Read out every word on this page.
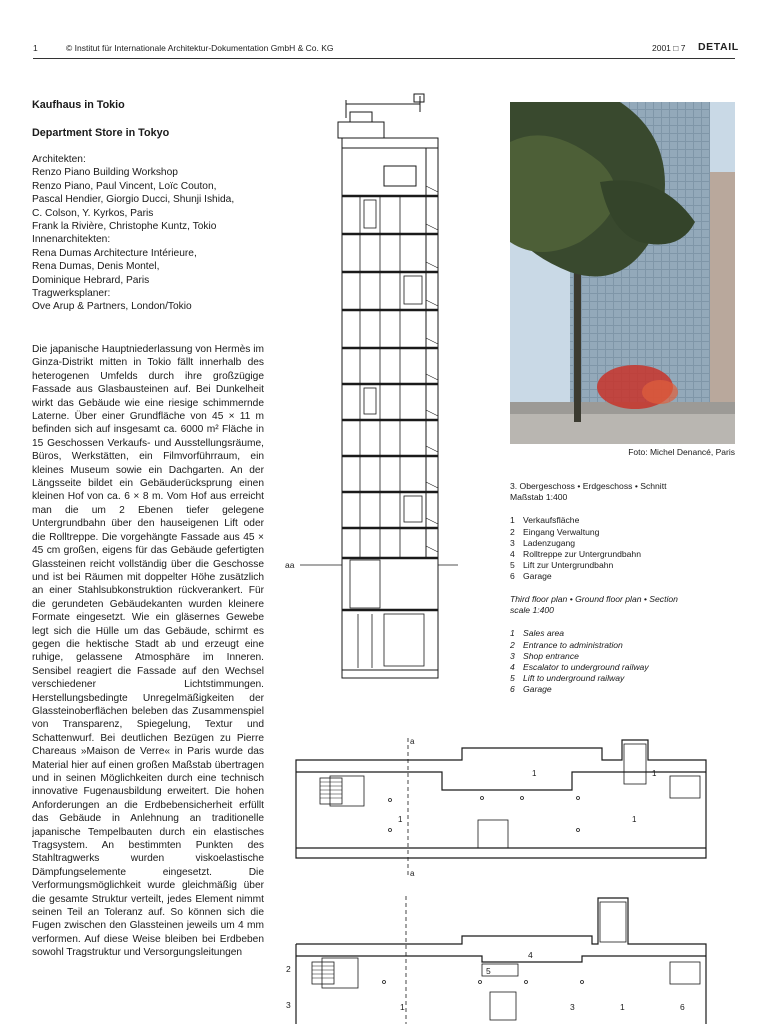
1	© Institut für Internationale Architektur-Dokumentation GmbH & Co. KG	2001 □ 7 DETAIL
Kaufhaus in Tokio
Department Store in Tokyo
Architekten:
Renzo Piano Building Workshop
Renzo Piano, Paul Vincent, Loïc Couton,
Pascal Hendier, Giorgio Ducci, Shunji Ishida,
C. Colson, Y. Kyrkos, Paris
Frank la Rivière, Christophe Kuntz, Tokio
Innenarchitekten:
Rena Dumas Architecture Intérieure,
Rena Dumas, Denis Montel,
Dominique Hebrard, Paris
Tragwerksplaner:
Ove Arup & Partners, London/Tokio
Die japanische Hauptniederlassung von Hermès im Ginza-Distrikt mitten in Tokio fällt innerhalb des heterogenen Umfelds durch ihre großzügige Fassade aus Glasbausteinen auf. Bei Dunkelheit wirkt das Gebäude wie eine riesige schimmernde Laterne. Über einer Grundfläche von 45 × 11 m befinden sich auf insgesamt ca. 6000 m² Fläche in 15 Geschossen Verkaufs- und Ausstellungsräume, Büros, Werkstätten, ein Filmvorführraum, ein kleines Museum sowie ein Dachgarten. An der Längsseite bildet ein Gebäuderücksprung einen kleinen Hof von ca. 6 × 8 m. Vom Hof aus erreicht man die um 2 Ebenen tiefer gelegene Untergrundbahn über den hauseigenen Lift oder die Rolltreppe. Die vorgehängte Fassade aus 45 × 45 cm großen, eigens für das Gebäude gefertigten Glassteinen reicht vollständig über die Geschosse und ist bei Räumen mit doppelter Höhe zusätzlich an einer Stahlsubkonstruktion rückverankert. Für die gerundeten Gebäudekanten wurden kleinere Formate eingesetzt. Wie ein gläsernes Gewebe legt sich die Hülle um das Gebäude, schirmt es gegen die hektische Stadt ab und erzeugt eine ruhige, gelassene Atmosphäre im Inneren. Sensibel reagiert die Fassade auf den Wechsel verschiedener Lichtstimmungen. Herstellungsbedingte Unregelmäßigkeiten der Glassteinoberflächen beleben das Zusammenspiel von Transparenz, Spiegelung, Textur und Schattenwurf. Bei deutlichen Bezügen zu Pierre Chareaus »Maison de Verre« in Paris wurde das Material hier auf einen großen Maßstab übertragen und in seinen Möglichkeiten durch eine technisch innovative Fugenausbildung erweitert. Die hohen Anforderungen an die Erdbebensicherheit erfüllt das Gebäude in Anlehnung an traditionelle japanische Tempelbauten durch ein elastisches Tragsystem. An bestimmten Punkten des Stahltragwerks wurden viskoelastische Dämpfungselemente eingesetzt. Die Verformungsmöglichkeit wurde gleichmäßig über die gesamte Struktur verteilt, jedes Element nimmt seinen Teil an Toleranz auf. So können sich die Fugen zwischen den Glassteinen jeweils um 4 mm verformen. Auf diese Weise bleiben bei Erdbeben sowohl Tragstruktur und Versorgungsleitungen
aa
Foto: Michel Denancé, Paris
3. Obergeschoss • Erdgeschoss • Schnitt
Maßstab 1:400
1 Verkaufsfläche
2 Eingang Verwaltung
3 Ladenzugang
4 Rolltreppe zur Untergrundbahn
5 Lift zur Untergrundbahn
6 Garage
Third floor plan • Ground floor plan • Section
scale 1:400
1 Sales area
2 Entrance to administration
3 Shop entrance
4 Escalator to underground railway
5 Lift to underground railway
6 Garage
a
a
1
1	1
1
1	1
2
3	3
4
5
6
